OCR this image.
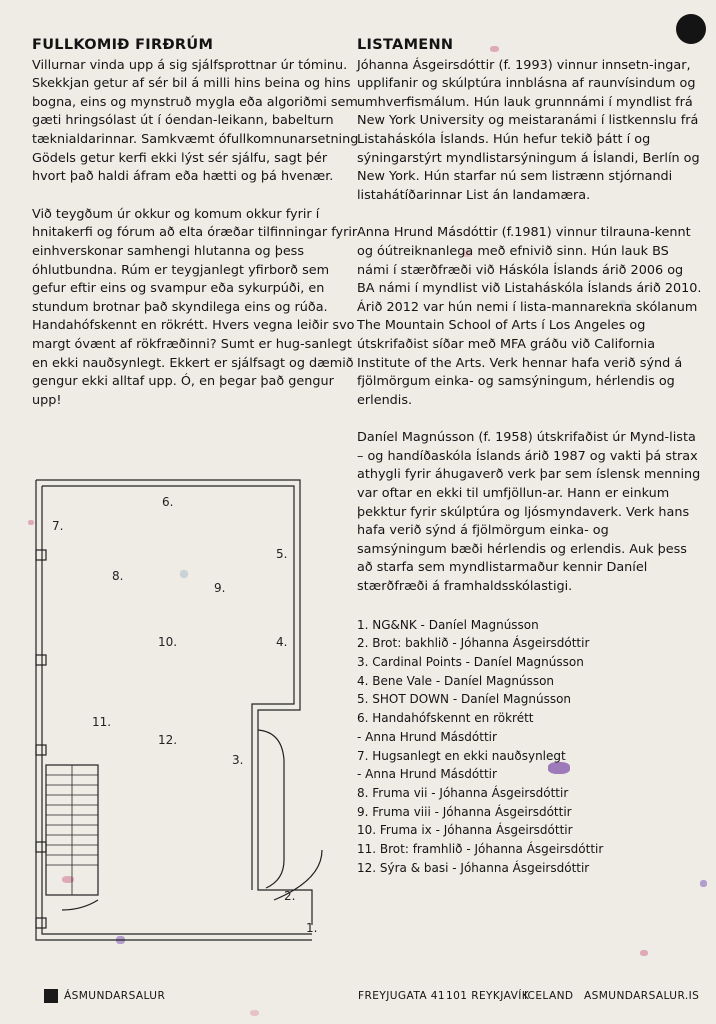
FULLKOMIÐ FIRÐRÚM

Villurnar vinda upp á sig sjálfsprottnar úr tóminu. Skekkjan getur af sér bil á milli hins beina og hins bogna, eins og mynstruð mygla eða algoriðmi sem gæti hringsólast út í óendan-leikann, babelturn tæknialdarinnar. Samkvæmt ófullkomnunarsetning Gödels getur kerfi ekki lýst sér sjálfu, sagt þér hvort það haldi áfram eða hætti og þá hvenær.

Við teygðum úr okkur og komum okkur fyrir í hnitakerfi og fórum að elta óræðar tilfinningar fyrir einhverskonar samhengi hlutanna og þess óhlutbundna. Rúm er teygjanlegt yfirborð sem gefur eftir eins og svampur eða sykurpúði, en stundum brotnar það skyndilega eins og rúða. Handahófskennt en rökrétt. Hvers vegna leiðir svo margt óvænt af rökfræðinni? Sumt er hug-sanlegt en ekki nauðsynlegt. Ekkert er sjálfsagt og dæmið gengur ekki alltaf upp. Ó, en þegar það gengur upp!

1.
2.
3.
4.
5.
6.
7.
8.
9.
10.
11.
12.
LISTAMENN

Jóhanna Ásgeirsdóttir (f. 1993) vinnur innsetn-ingar, upplifanir og skúlptúra innblásna af raunvísindum og umhverfismálum. Hún lauk grunnnámi í myndlist frá New York University og meistaranámi í listkennslu frá Listaháskóla Íslands. Hún hefur tekið þátt í og sýningarstýrt myndlistarsýningum á Íslandi, Berlín og New York. Hún starfar nú sem listrænn stjórnandi listahátíðarinnar List án landamæra.

Anna Hrund Másdóttir (f.1981) vinnur tilrauna-kennt og óútreiknanlega með efnivið sinn. Hún lauk BS námi í stærðfræði við Háskóla Íslands árið 2006 og BA námi í myndlist við Listaháskóla Íslands árið 2010. Árið 2012 var hún nemi í lista-mannarekna skólanum The Mountain School of Arts í Los Angeles og útskrifaðist síðar með MFA gráðu við California Institute of the Arts. Verk hennar hafa verið sýnd á fjölmörgum einka- og samsýningum, hérlendis og erlendis.

Daníel Magnússon (f. 1958) útskrifaðist úr Mynd-lista – og handíðaskóla Íslands árið 1987 og vakti þá strax athygli fyrir áhugaverð verk þar sem íslensk menning var oftar en ekki til umfjöllun-ar. Hann er einkum þekktur fyrir skúlptúra og ljósmyndaverk. Verk hans hafa verið sýnd á fjölmörgum einka- og samsýningum bæði hérlendis og erlendis. Auk þess að starfa sem myndlistarmaður kennir Daníel stærðfræði á framhaldsskólastigi.

1. NG&NK - Daníel Magnússon
2. Brot: bakhlið - Jóhanna Ásgeirsdóttir
3. Cardinal Points - Daníel Magnússon
4. Bene Vale - Daníel Magnússon
5. SHOT DOWN - Daníel Magnússon
6. Handahófskennt en rökrétt
- Anna Hrund Másdóttir
7. Hugsanlegt en ekki nauðsynlegt
- Anna Hrund Másdóttir
8. Fruma vii - Jóhanna Ásgeirsdóttir
9. Fruma viii - Jóhanna Ásgeirsdóttir
10. Fruma ix - Jóhanna Ásgeirsdóttir
11. Brot: framhlið - Jóhanna Ásgeirsdóttir
12. Sýra & basi - Jóhanna Ásgeirsdóttir
ÁSMUNDARSALUR	FREYJUGATA 41 101 REYKJAVÍK
ICELAND ASMUNDARSALUR.IS
